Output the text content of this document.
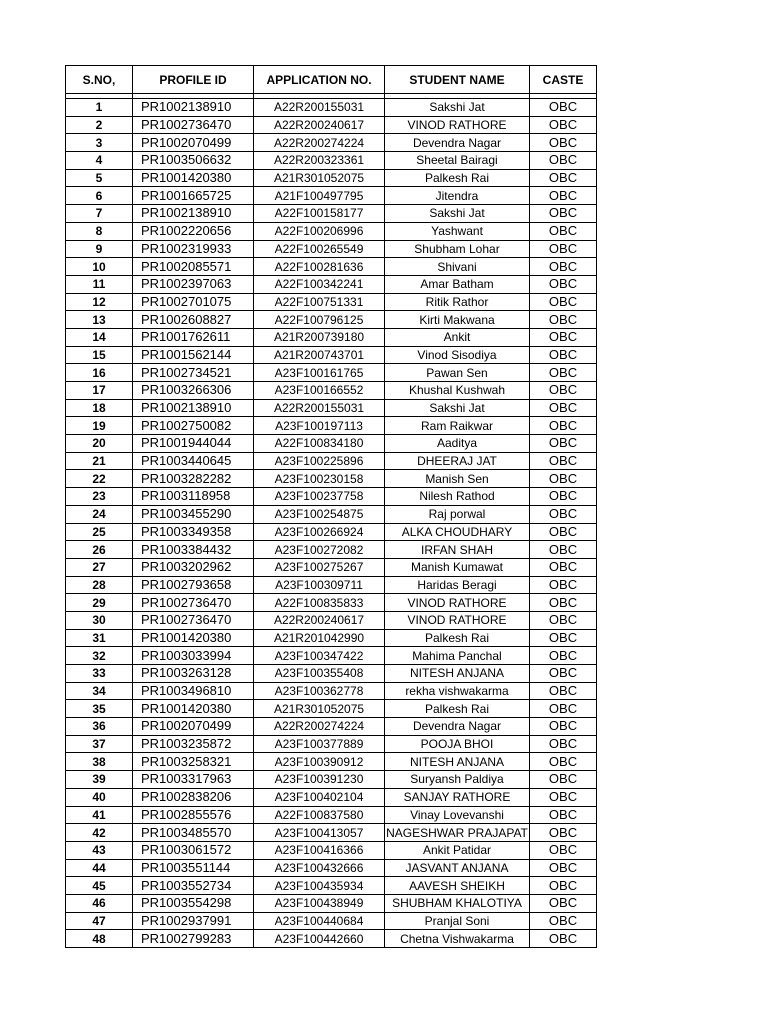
S.NO,	PROFILE ID	APPLICATION NO.	STUDENT NAME	CASTE

1	PR1002138910	A22R200155031	Sakshi Jat	OBC
2	PR1002736470	A22R200240617	VINOD RATHORE	OBC
3	PR1002070499	A22R200274224	Devendra Nagar	OBC
4	PR1003506632	A22R200323361	Sheetal Bairagi	OBC
5	PR1001420380	A21R301052075	Palkesh Rai	OBC
6	PR1001665725	A21F100497795	Jitendra	OBC
7	PR1002138910	A22F100158177	Sakshi Jat	OBC
8	PR1002220656	A22F100206996	Yashwant	OBC
9	PR1002319933	A22F100265549	Shubham Lohar	OBC
10	PR1002085571	A22F100281636	Shivani	OBC
11	PR1002397063	A22F100342241	Amar Batham	OBC
12	PR1002701075	A22F100751331	Ritik Rathor	OBC
13	PR1002608827	A22F100796125	Kirti Makwana	OBC
14	PR1001762611	A21R200739180	Ankit	OBC
15	PR1001562144	A21R200743701	Vinod Sisodiya	OBC
16	PR1002734521	A23F100161765	Pawan Sen	OBC
17	PR1003266306	A23F100166552	Khushal Kushwah	OBC
18	PR1002138910	A22R200155031	Sakshi Jat	OBC
19	PR1002750082	A23F100197113	Ram Raikwar	OBC
20	PR1001944044	A22F100834180	Aaditya	OBC
21	PR1003440645	A23F100225896	DHEERAJ JAT	OBC
22	PR1003282282	A23F100230158	Manish Sen	OBC
23	PR1003118958	A23F100237758	Nilesh Rathod	OBC
24	PR1003455290	A23F100254875	Raj porwal	OBC
25	PR1003349358	A23F100266924	ALKA CHOUDHARY	OBC
26	PR1003384432	A23F100272082	IRFAN SHAH	OBC
27	PR1003202962	A23F100275267	Manish Kumawat	OBC
28	PR1002793658	A23F100309711	Haridas Beragi	OBC
29	PR1002736470	A22F100835833	VINOD RATHORE	OBC
30	PR1002736470	A22R200240617	VINOD RATHORE	OBC
31	PR1001420380	A21R201042990	Palkesh Rai	OBC
32	PR1003033994	A23F100347422	Mahima Panchal	OBC
33	PR1003263128	A23F100355408	NITESH ANJANA	OBC
34	PR1003496810	A23F100362778	rekha vishwakarma	OBC
35	PR1001420380	A21R301052075	Palkesh Rai	OBC
36	PR1002070499	A22R200274224	Devendra Nagar	OBC
37	PR1003235872	A23F100377889	POOJA BHOI	OBC
38	PR1003258321	A23F100390912	NITESH ANJANA	OBC
39	PR1003317963	A23F100391230	Suryansh Paldiya	OBC
40	PR1002838206	A23F100402104	SANJAY RATHORE	OBC
41	PR1002855576	A22F100837580	Vinay Lovevanshi	OBC
42	PR1003485570	A23F100413057	NAGESHWAR PRAJAPAT	OBC
43	PR1003061572	A23F100416366	Ankit Patidar	OBC
44	PR1003551144	A23F100432666	JASVANT ANJANA	OBC
45	PR1003552734	A23F100435934	AAVESH SHEIKH	OBC
46	PR1003554298	A23F100438949	SHUBHAM KHALOTIYA	OBC
47	PR1002937991	A23F100440684	Pranjal Soni	OBC
48	PR1002799283	A23F100442660	Chetna Vishwakarma	OBC
